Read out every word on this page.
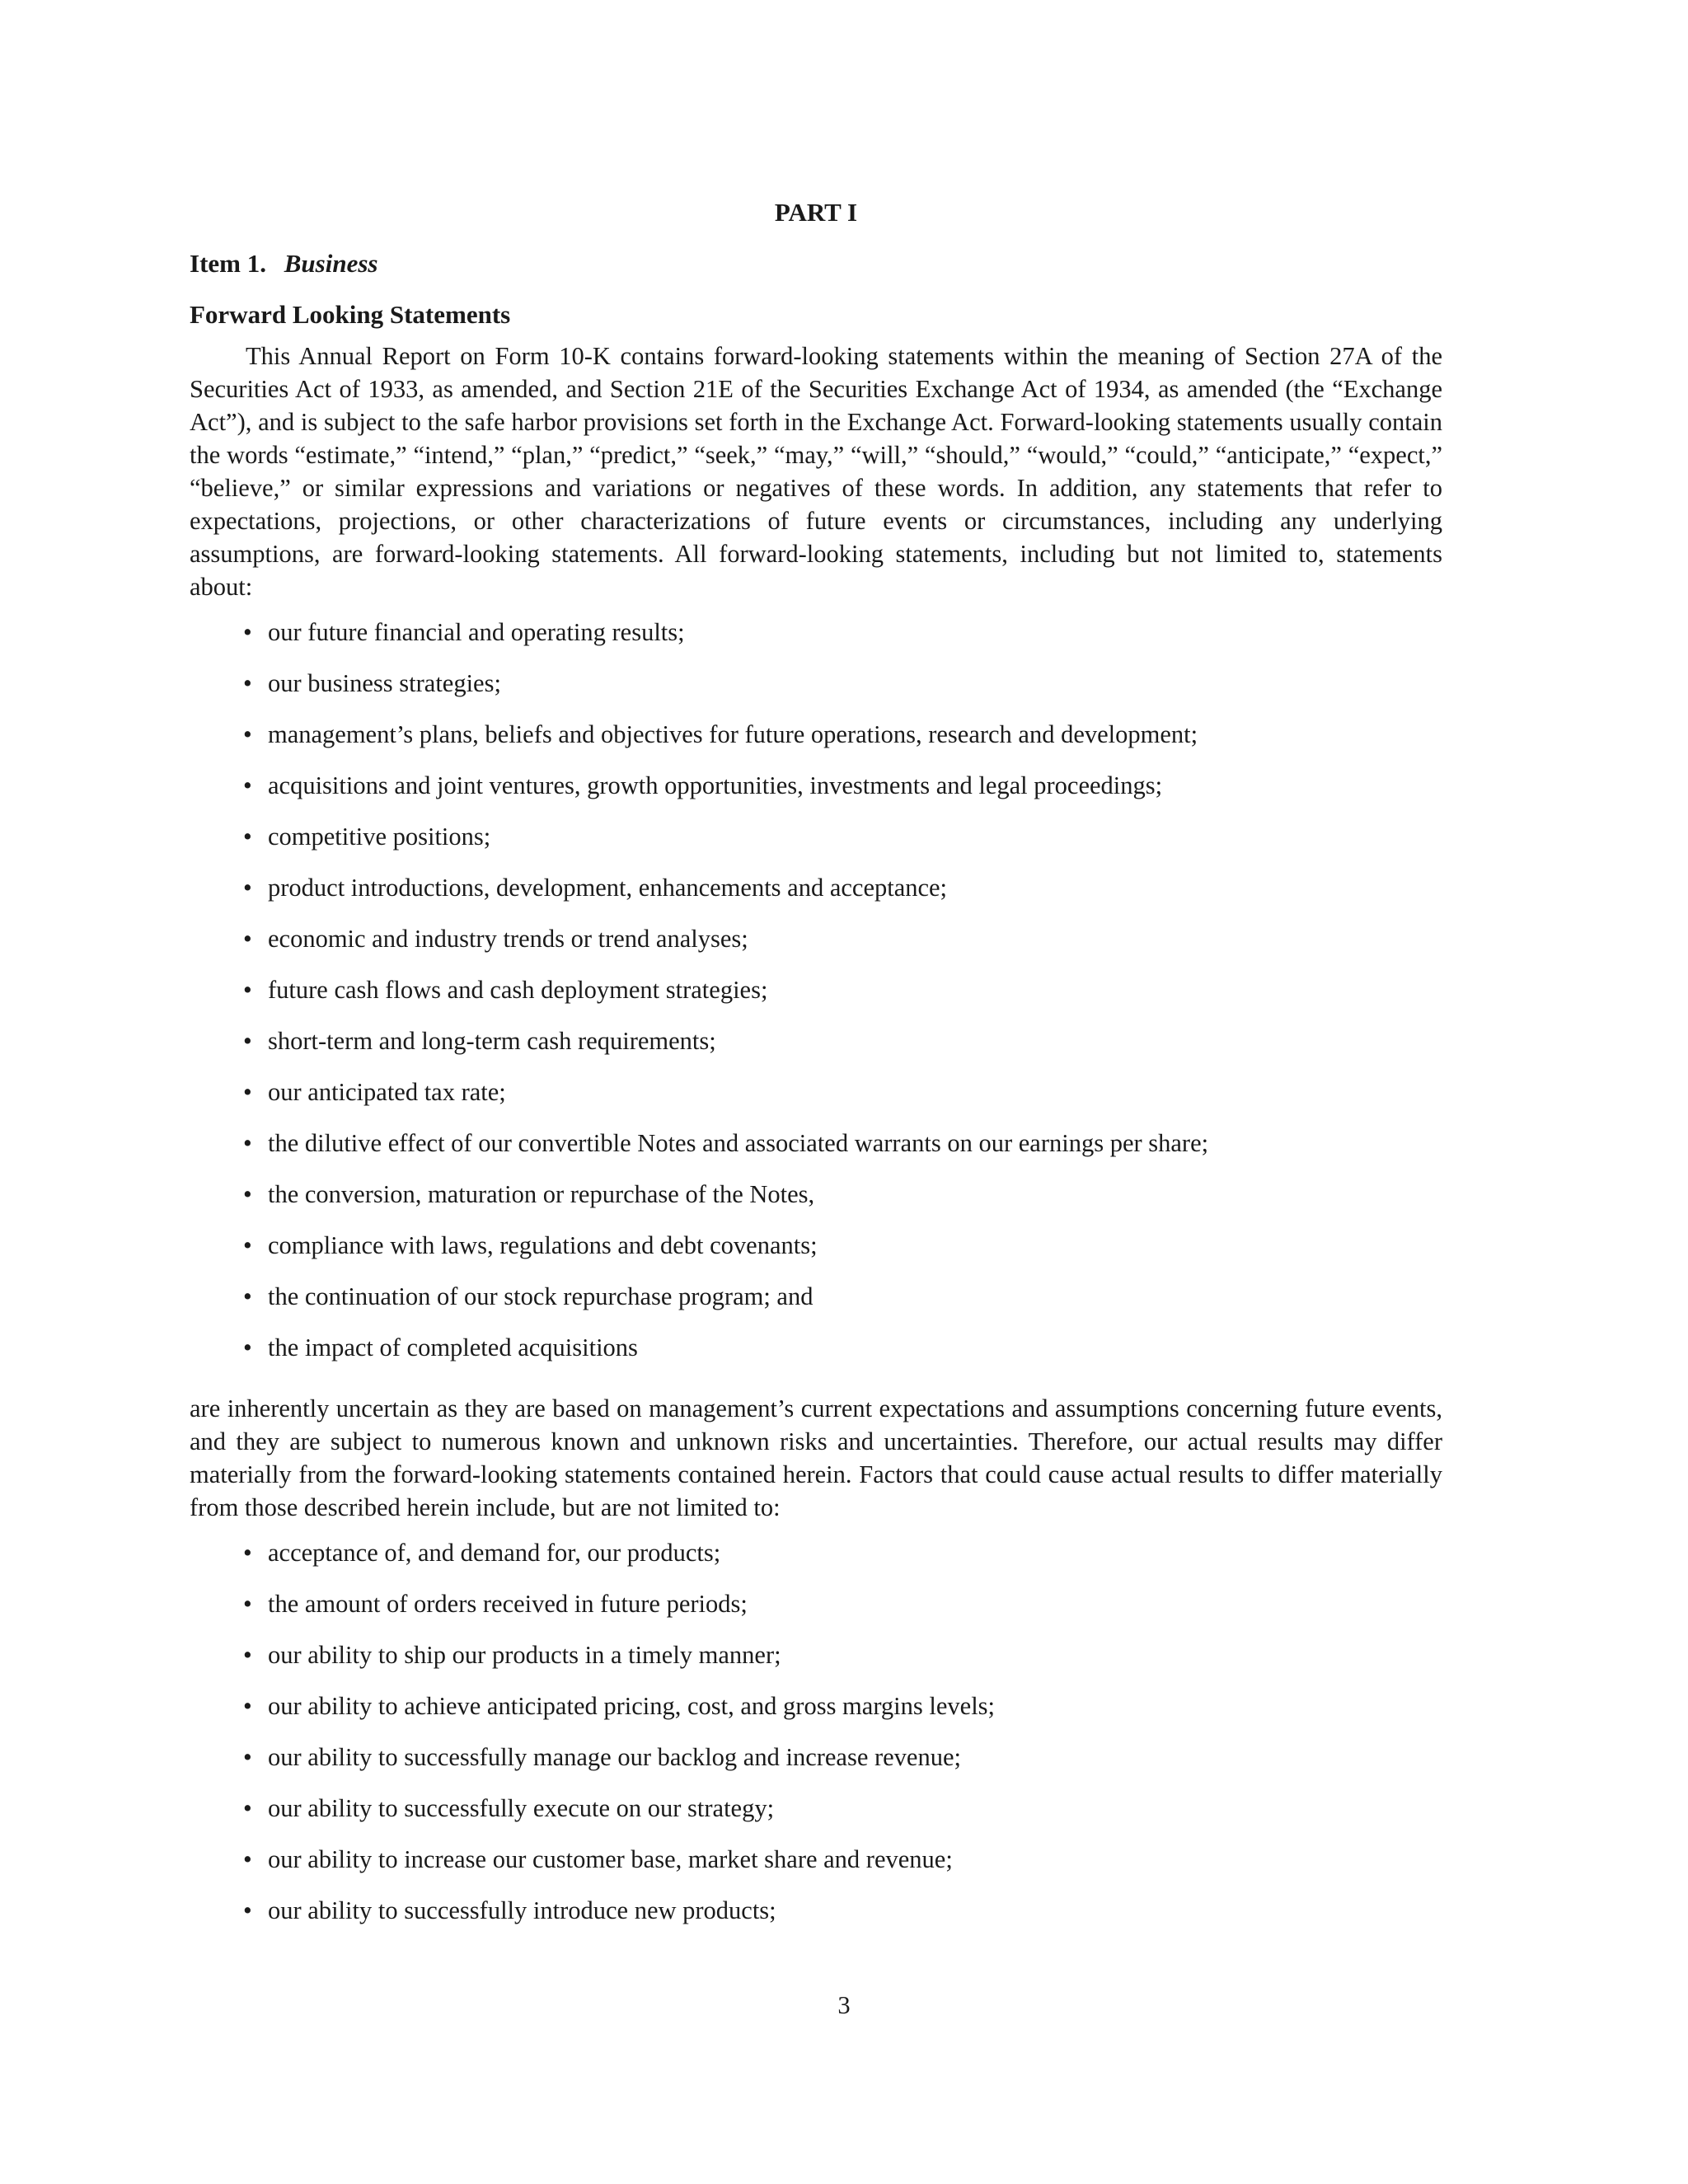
PART I
Item 1. Business
Forward Looking Statements

This Annual Report on Form 10-K contains forward-looking statements within the meaning of Section 27A of the Securities Act of 1933, as amended, and Section 21E of the Securities Exchange Act of 1934, as amended (the “Exchange Act”), and is subject to the safe harbor provisions set forth in the Exchange Act. Forward-looking statements usually contain the words “estimate,” “intend,” “plan,” “predict,” “seek,” “may,” “will,” “should,” “would,” “could,” “anticipate,” “expect,” “believe,” or similar expressions and variations or negatives of these words. In addition, any statements that refer to expectations, projections, or other characterizations of future events or circumstances, including any underlying assumptions, are forward-looking statements. All forward-looking statements, including but not limited to, statements about:

• our future financial and operating results;
• our business strategies;
• management’s plans, beliefs and objectives for future operations, research and development;
• acquisitions and joint ventures, growth opportunities, investments and legal proceedings;
• competitive positions;
• product introductions, development, enhancements and acceptance;
• economic and industry trends or trend analyses;
• future cash flows and cash deployment strategies;
• short-term and long-term cash requirements;
• our anticipated tax rate;
• the dilutive effect of our convertible Notes and associated warrants on our earnings per share;
• the conversion, maturation or repurchase of the Notes,
• compliance with laws, regulations and debt covenants;
• the continuation of our stock repurchase program; and
• the impact of completed acquisitions

are inherently uncertain as they are based on management’s current expectations and assumptions concerning future events, and they are subject to numerous known and unknown risks and uncertainties. Therefore, our actual results may differ materially from the forward-looking statements contained herein. Factors that could cause actual results to differ materially from those described herein include, but are not limited to:

• acceptance of, and demand for, our products;
• the amount of orders received in future periods;
• our ability to ship our products in a timely manner;
• our ability to achieve anticipated pricing, cost, and gross margins levels;
• our ability to successfully manage our backlog and increase revenue;
• our ability to successfully execute on our strategy;
• our ability to increase our customer base, market share and revenue;
• our ability to successfully introduce new products;
3
